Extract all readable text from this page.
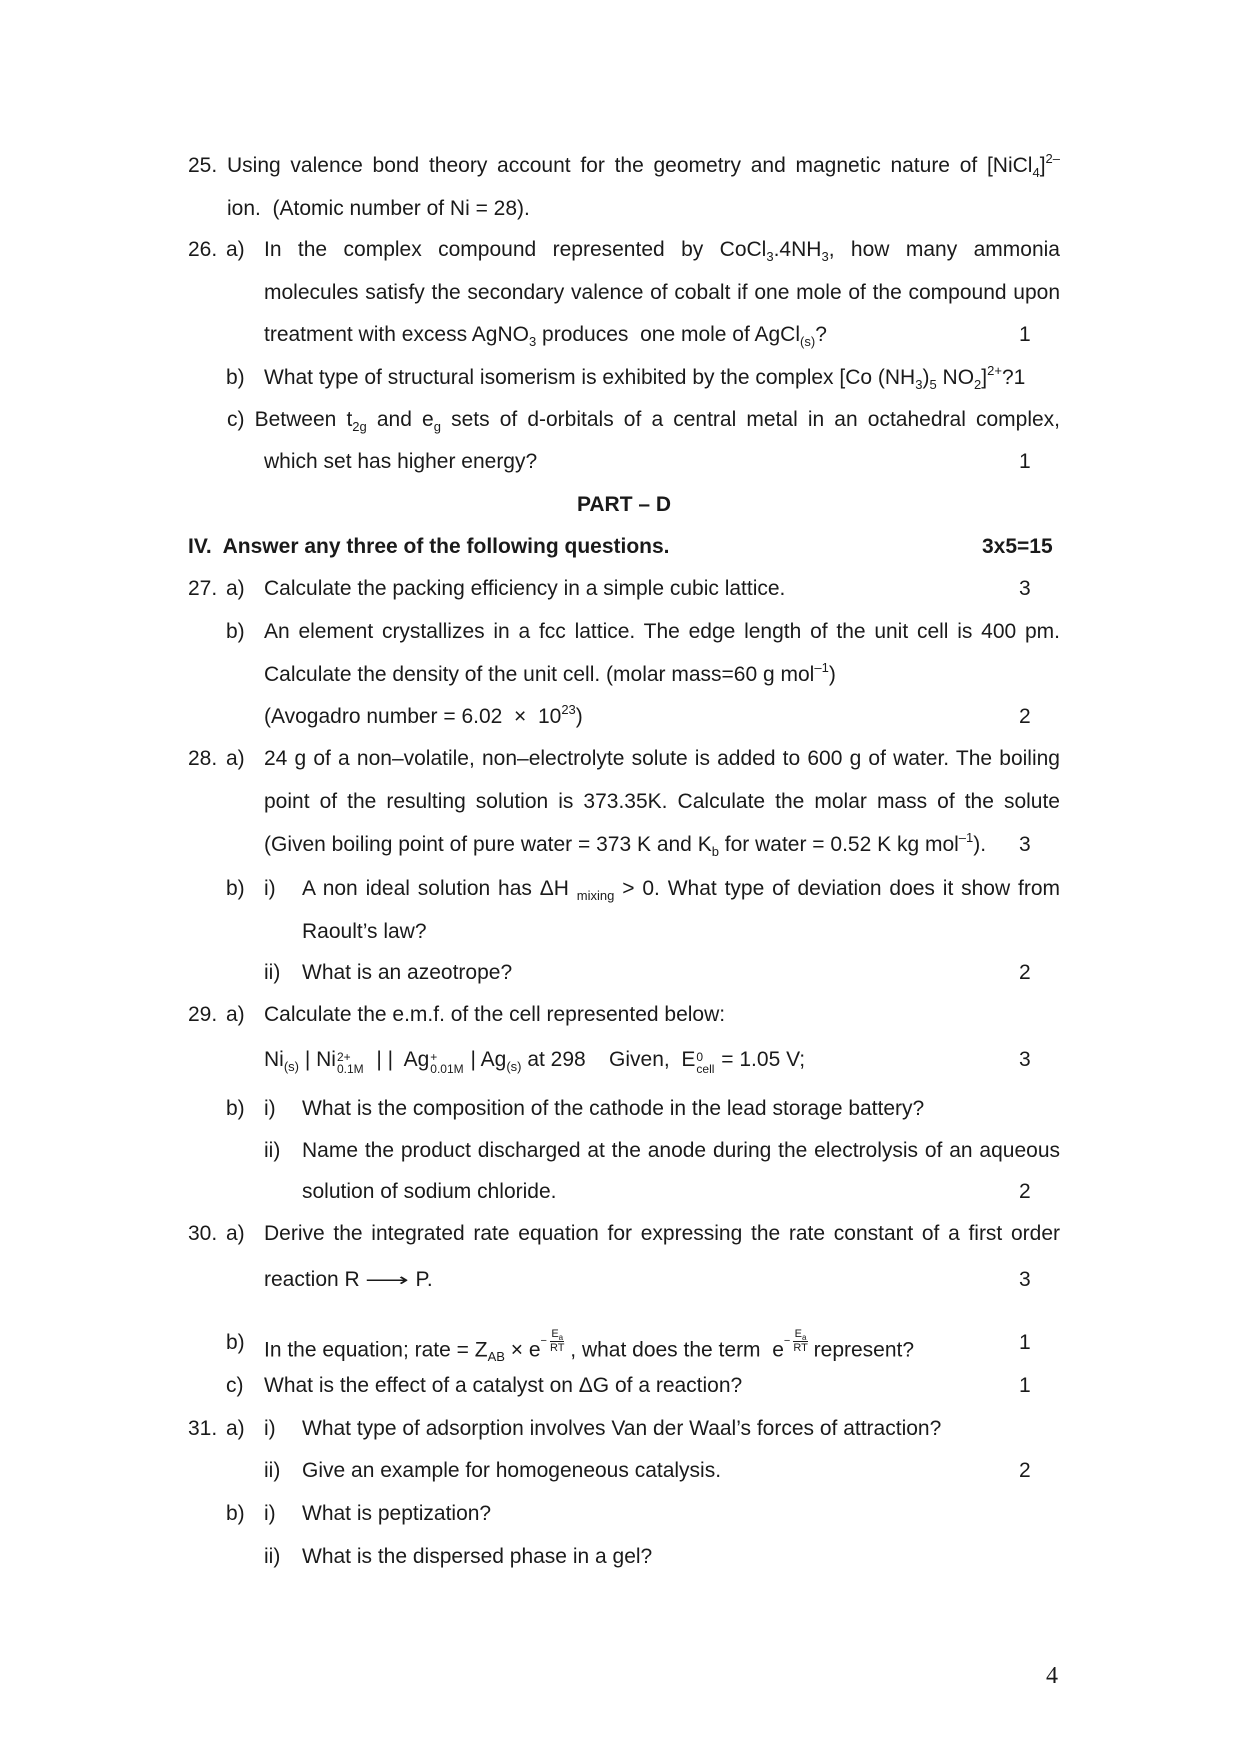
25. Using valence bond theory account for the geometry and magnetic nature of [NiCl$_4$]$^{2-}$
ion.  (Atomic number of Ni = 28).
26. a) In the complex compound represented by $CoCl_3.4NH_3$, how many ammonia
molecules satisfy the secondary valence of cobalt if one mole of the compound upon
treatment with excess AgNO$_3$ produces  one mole of AgCl$_{(s)}$?	1
b) What type of structural isomerism is exhibited by the complex [Co $(NH_3)_5$ $NO_2]^{2+}?1$
c) Between $t_{2g}$ and $e_g$ sets of d-orbitals of a central metal in an octahedral complex,
which set has higher energy?	1
PART – D
IV.  Answer any three of the following questions.	3x5=15
27. a) Calculate the packing efficiency in a simple cubic lattice.	3
b) An element crystallizes in a fcc lattice. The edge length of the unit cell is 400 pm.
Calculate the density of the unit cell. (molar mass=60 g mol$^{-1}$)
(Avogadro number = $6.02 \times 10^{23}$)	2
28. a) 24 g of a non–volatile, non–electrolyte solute is added to 600 g of water. The boiling
point of the resulting solution is 373.35K. Calculate the molar mass of the solute
(Given boiling point of pure water = 373 K and $K_b$ for water = 0.52 K kg mol$^{-1}$). 3
b) i) A non ideal solution has ΔH $_{mixing}$ > 0. What type of deviation does it show from
Raoult’s law?
ii) What is an azeotrope?	2
29. a) Calculate the e.m.f. of the cell represented below:
$Ni_{(s)}$ | Ni 2+
0.1M | |  Ag +
0.01M | $Ag_{(s)}$ at 298    Given,  E 0
cell = 1.05 V;	3
b) i) What is the composition of the cathode in the lead storage battery?
ii) Name the product discharged at the anode during the electrolysis of an aqueous
solution of sodium chloride.	2
30. a) Derive the integrated rate equation for expressing the rate constant of a first order
reaction R ⟶ P.	3
b) In the equation; rate = $Z_{AB} \times e- \frac{E_a}{RT}$ , what does the term  $e- \frac{E_a}{RT}$ represent?	1
c) What is the effect of a catalyst on ΔG of a reaction?	1
31. a) i) What type of adsorption involves Van der Waal’s forces of attraction?
ii) Give an example for homogeneous catalysis.	2
b) i) What is peptization?
ii) What is the dispersed phase in a gel?
4
